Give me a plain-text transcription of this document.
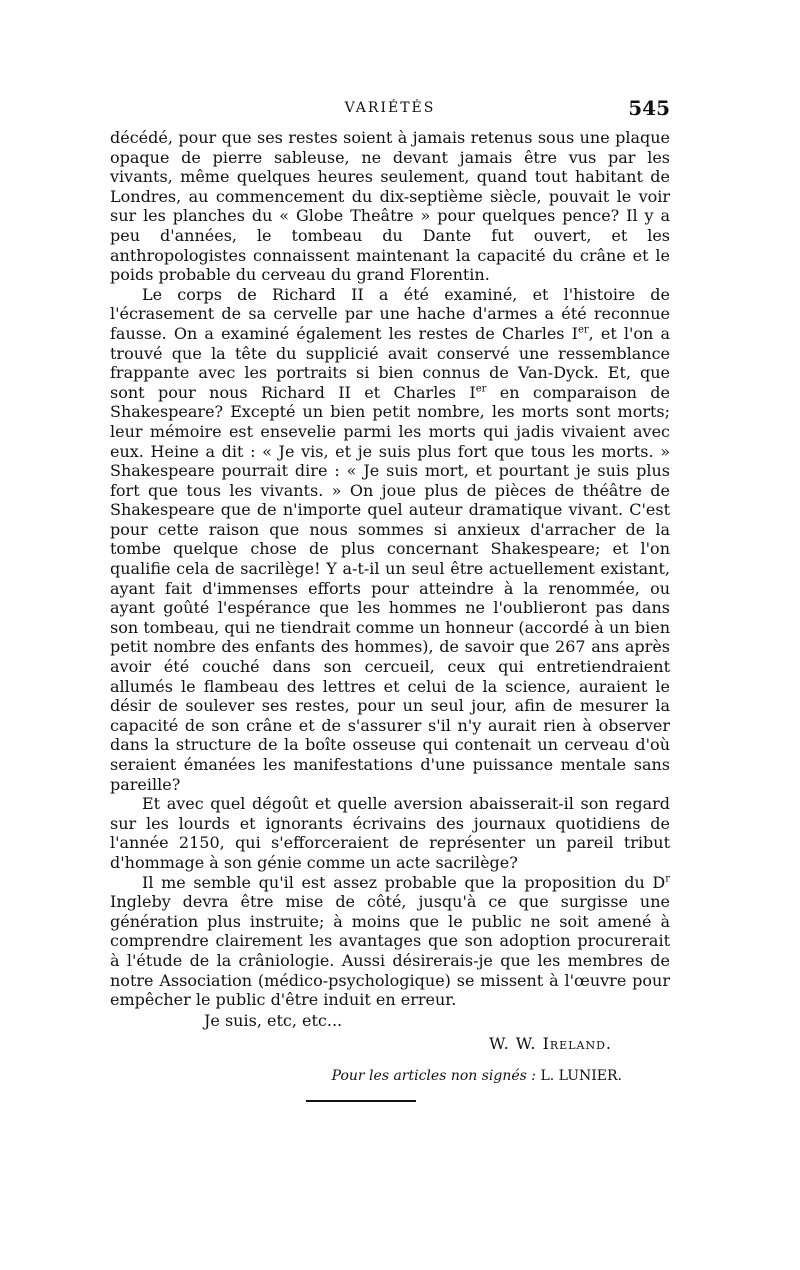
VARIÉTÉS	545

décédé, pour que ses restes soient à jamais retenus sous une plaque opaque de pierre sableuse, ne devant jamais être vus par les vivants, même quelques heures seulement, quand tout habitant de Londres, au commencement du dix-septième siècle, pouvait le voir sur les planches du « Globe Theâtre » pour quelques pence? Il y a peu d'années, le tombeau du Dante fut ouvert, et les anthropologistes connaissent maintenant la capacité du crâne et le poids probable du cerveau du grand Florentin.

Le corps de Richard II a été examiné, et l'histoire de l'écrasement de sa cervelle par une hache d'armes a été reconnue fausse. On a examiné également les restes de Charles Ier, et l'on a trouvé que la tête du supplicié avait conservé une ressemblance frappante avec les portraits si bien connus de Van-Dyck. Et, que sont pour nous Richard II et Charles Ier en comparaison de Shakespeare? Excepté un bien petit nombre, les morts sont morts; leur mémoire est ensevelie parmi les morts qui jadis vivaient avec eux. Heine a dit : « Je vis, et je suis plus fort que tous les morts. » Shakespeare pourrait dire : « Je suis mort, et pourtant je suis plus fort que tous les vivants. » On joue plus de pièces de théâtre de Shakespeare que de n'importe quel auteur dramatique vivant. C'est pour cette raison que nous sommes si anxieux d'arracher de la tombe quelque chose de plus concernant Shakespeare; et l'on qualifie cela de sacrilège! Y a-t-il un seul être actuellement existant, ayant fait d'immenses efforts pour atteindre à la renommée, ou ayant goûté l'espérance que les hommes ne l'oublieront pas dans son tombeau, qui ne tiendrait comme un honneur (accordé à un bien petit nombre des enfants des hommes), de savoir que 267 ans après avoir été couché dans son cercueil, ceux qui entretiendraient allumés le flambeau des lettres et celui de la science, auraient le désir de soulever ses restes, pour un seul jour, afin de mesurer la capacité de son crâne et de s'assurer s'il n'y aurait rien à observer dans la structure de la boîte osseuse qui contenait un cerveau d'où seraient émanées les manifestations d'une puissance mentale sans pareille?

Et avec quel dégoût et quelle aversion abaisserait-il son regard sur les lourds et ignorants écrivains des journaux quotidiens de l'année 2150, qui s'efforceraient de représenter un pareil tribut d'hommage à son génie comme un acte sacrilège?

Il me semble qu'il est assez probable que la proposition du $D^r$ Ingleby devra être mise de côté, jusqu'à ce que surgisse une génération plus instruite; à moins que le public ne soit amené à comprendre clairement les avantages que son adoption procurerait à l'étude de la crâniologie. Aussi désirerais-je que les membres de notre Association (médico-psychologique) se missent à l'œuvre pour empêcher le public d'être induit en erreur.

Je suis, etc, etc...

W. W. Ireland.

Pour les articles non signés : L. LUNIER.
